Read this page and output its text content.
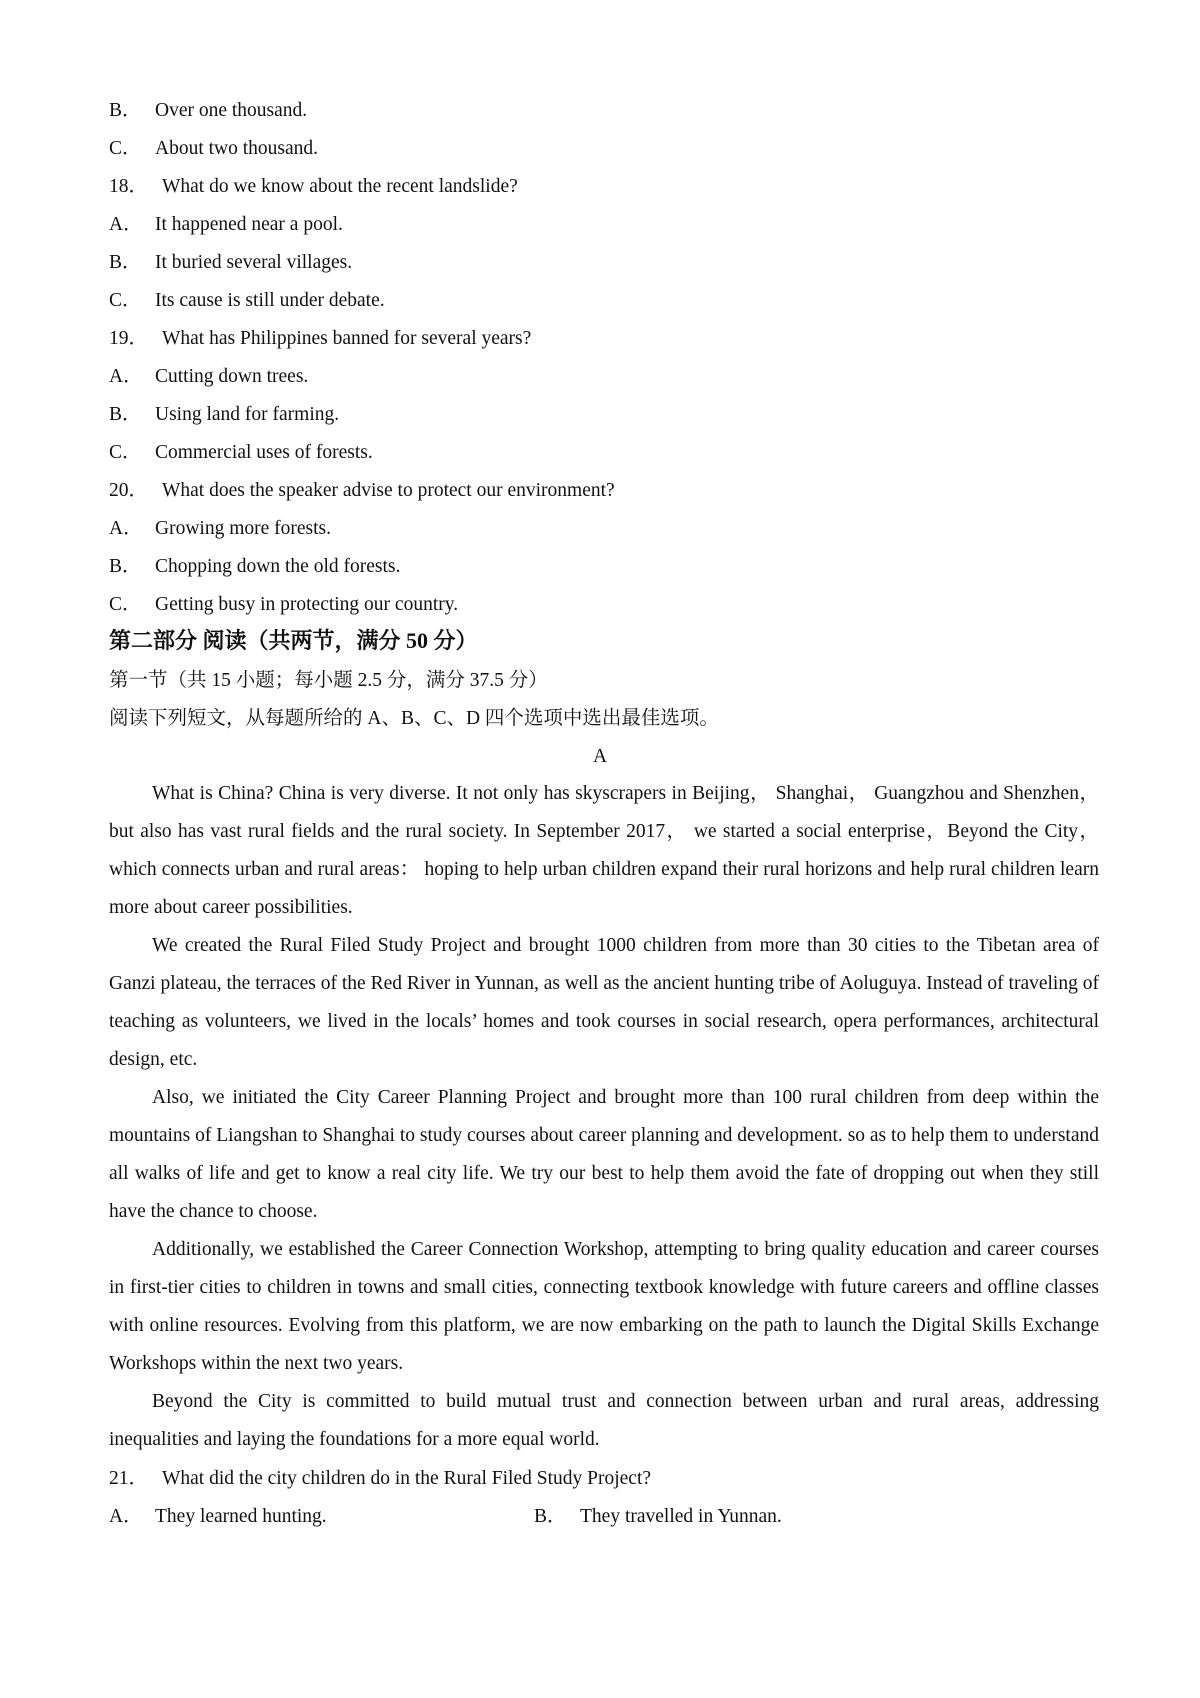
B． Over one thousand.
C． About two thousand.
18． What do we know about the recent landslide?
A． It happened near a pool.
B． It buried several villages.
C． Its cause is still under debate.
19． What has Philippines banned for several years?
A． Cutting down trees.
B． Using land for farming.
C． Commercial uses of forests.
20． What does the speaker advise to protect our environment?
A． Growing more forests.
B． Chopping down the old forests.
C． Getting busy in protecting our country.
第二部分 阅读（共两节，满分 50 分）
第一节（共 15 小题；每小题 2.5 分，满分 37.5 分）
阅读下列短文，从每题所给的 A、B、C、D 四个选项中选出最佳选项。
A
What is China? China is very diverse. It not only has skyscrapers in Beijing， Shanghai， Guangzhou and Shenzhen， but also has vast rural fields and the rural society. In September 2017， we started a social enterprise，Beyond the City， which connects urban and rural areas： hoping to help urban children expand their rural horizons and help rural children learn more about career possibilities.
We created the Rural Filed Study Project and brought 1000 children from more than 30 cities to the Tibetan area of Ganzi plateau, the terraces of the Red River in Yunnan, as well as the ancient hunting tribe of Aoluguya. Instead of traveling of teaching as volunteers, we lived in the locals’ homes and took courses in social research, opera performances, architectural design, etc.
Also, we initiated the City Career Planning Project and brought more than 100 rural children from deep within the mountains of Liangshan to Shanghai to study courses about career planning and development. so as to help them to understand all walks of life and get to know a real city life. We try our best to help them avoid the fate of dropping out when they still have the chance to choose.
Additionally, we established the Career Connection Workshop, attempting to bring quality education and career courses in first-tier cities to children in towns and small cities, connecting textbook knowledge with future careers and offline classes with online resources. Evolving from this platform, we are now embarking on the path to launch the Digital Skills Exchange Workshops within the next two years.
Beyond the City is committed to build mutual trust and connection between urban and rural areas, addressing inequalities and laying the foundations for a more equal world.
21． What did the city children do in the Rural Filed Study Project?
A． They learned hunting.	B． They travelled in Yunnan.
